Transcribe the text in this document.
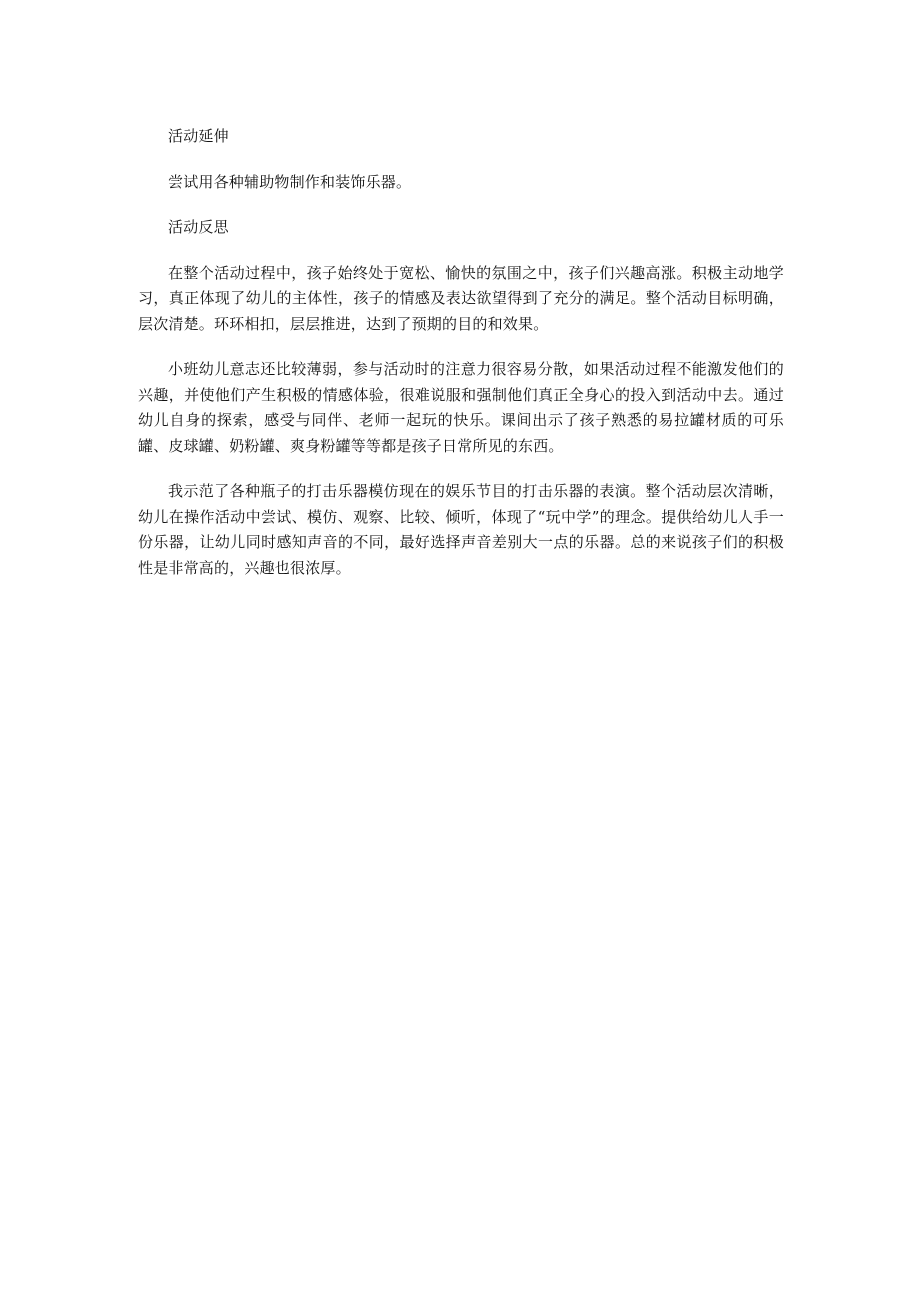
活动延伸

尝试用各种辅助物制作和装饰乐器。

活动反思

在整个活动过程中，孩子始终处于宽松、愉快的氛围之中，孩子们兴趣高涨。积极主动地学习，真正体现了幼儿的主体性，孩子的情感及表达欲望得到了充分的满足。整个活动目标明确，层次清楚。环环相扣，层层推进，达到了预期的目的和效果。

小班幼儿意志还比较薄弱，参与活动时的注意力很容易分散，如果活动过程不能激发他们的兴趣，并使他们产生积极的情感体验，很难说服和强制他们真正全身心的投入到活动中去。通过幼儿自身的探索，感受与同伴、老师一起玩的快乐。课间出示了孩子熟悉的易拉罐材质的可乐罐、皮球罐、奶粉罐、爽身粉罐等等都是孩子日常所见的东西。

我示范了各种瓶子的打击乐器模仿现在的娱乐节目的打击乐器的表演。整个活动层次清晰，幼儿在操作活动中尝试、模仿、观察、比较、倾听，体现了“玩中学”的理念。提供给幼儿人手一份乐器，让幼儿同时感知声音的不同，最好选择声音差别大一点的乐器。总的来说孩子们的积极性是非常高的，兴趣也很浓厚。
